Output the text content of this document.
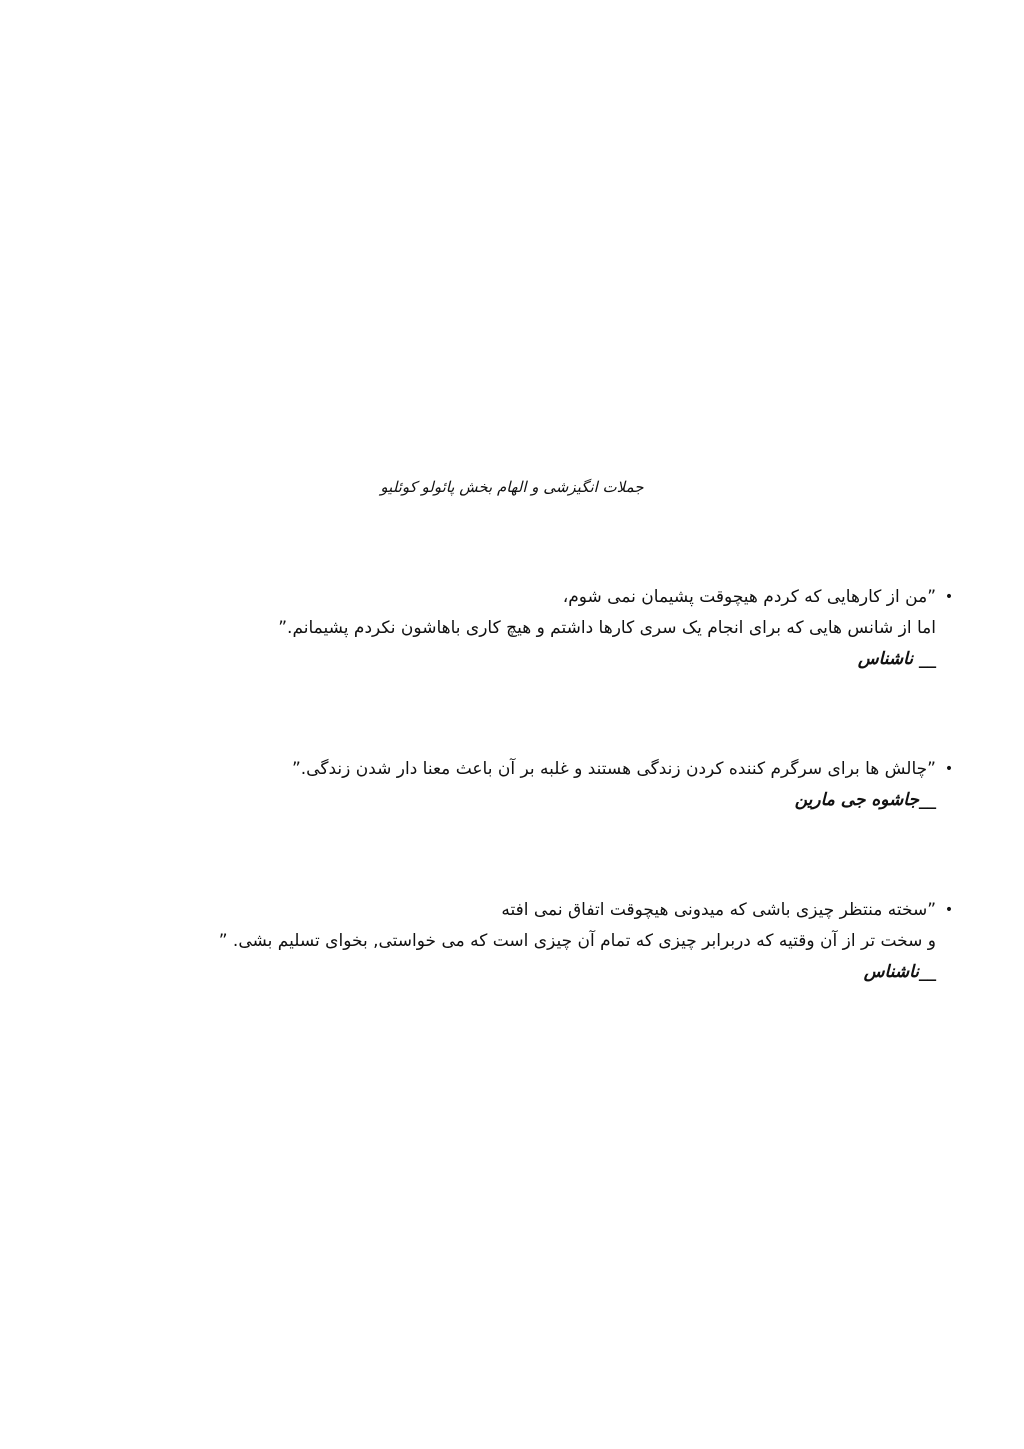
جملات انگیزشی و الهام بخش پائولو کوئلیو
•
”من از کارهایی که کردم هیچوقت پشیمان نمی شوم،
اما از شانس هایی که برای انجام یک سری کارها داشتم و هیچ کاری باهاشون نکردم پشیمانم.”
__ ناشناس
•
”چالش ها برای سرگرم کننده کردن زندگی هستند و غلبه بر آن باعث معنا دار شدن زندگی.”
__جاشوه جی مارین
•
”سخته منتظر چیزی باشی که میدونی هیچوقت اتفاق نمی افته
و سخت تر از آن وقتیه که دربرابر چیزی که تمام آن چیزی است که می خواستی, بخوای تسلیم بشی. ”
__ناشناس
